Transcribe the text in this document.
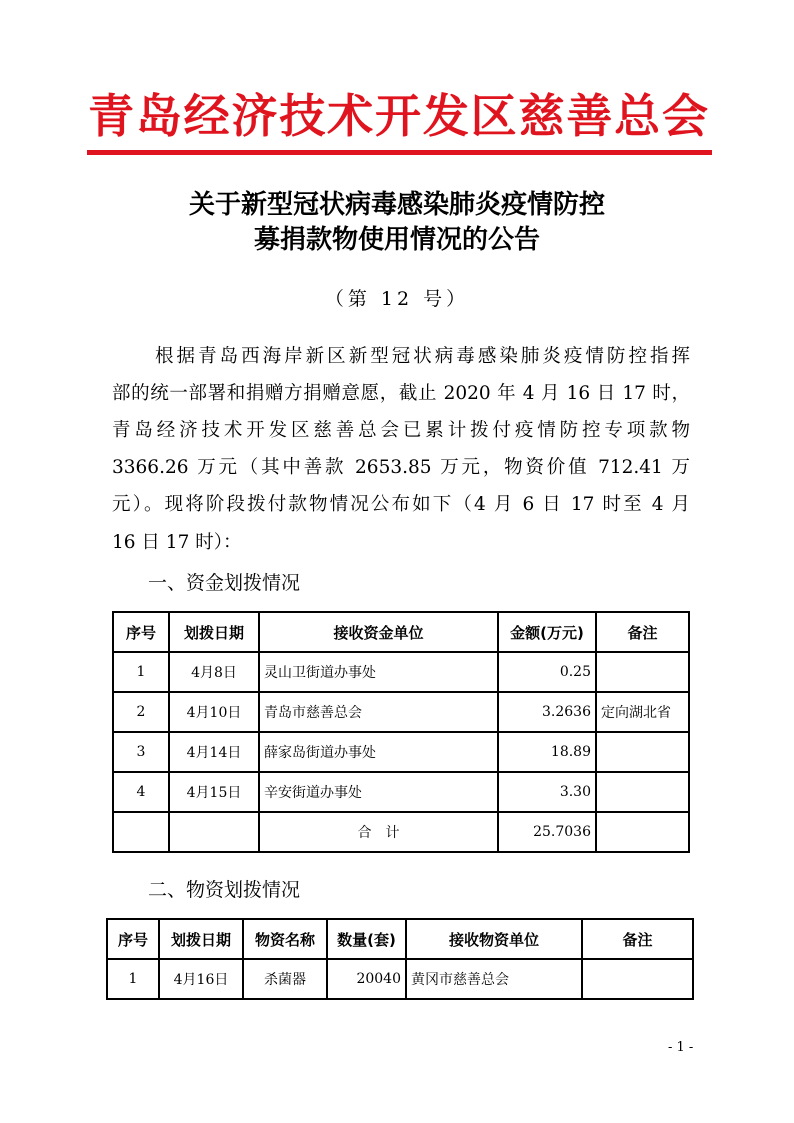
青岛经济技术开发区慈善总会
关于新型冠状病毒感染肺炎疫情防控
募捐款物使用情况的公告
（第 12 号）
　　根据青岛西海岸新区新型冠状病毒感染肺炎疫情防控指挥
部的统一部署和捐赠方捐赠意愿，截止 2020 年 4 月 16 日 17 时，
青岛经济技术开发区慈善总会已累计拨付疫情防控专项款物
3366.26 万元（其中善款 2653.85 万元，物资价值 712.41 万
元）。现将阶段拨付款物情况公布如下（4 月 6 日 17 时至 4 月
16 日 17 时）：
一、资金划拨情况
序号	划拨日期	接收资金单位	金额(万元)	备注
1	4月8日	灵山卫街道办事处	0.25	
2	4月10日	青岛市慈善总会	3.2636	定向湖北省
3	4月14日	薛家岛街道办事处	18.89	
4	4月15日	辛安街道办事处	3.30	
		合　计	25.7036	
二、物资划拨情况
序号	划拨日期	物资名称	数量(套)	接收物资单位	备注
1	4月16日	杀菌器	20040	黄冈市慈善总会	
- 1 -
